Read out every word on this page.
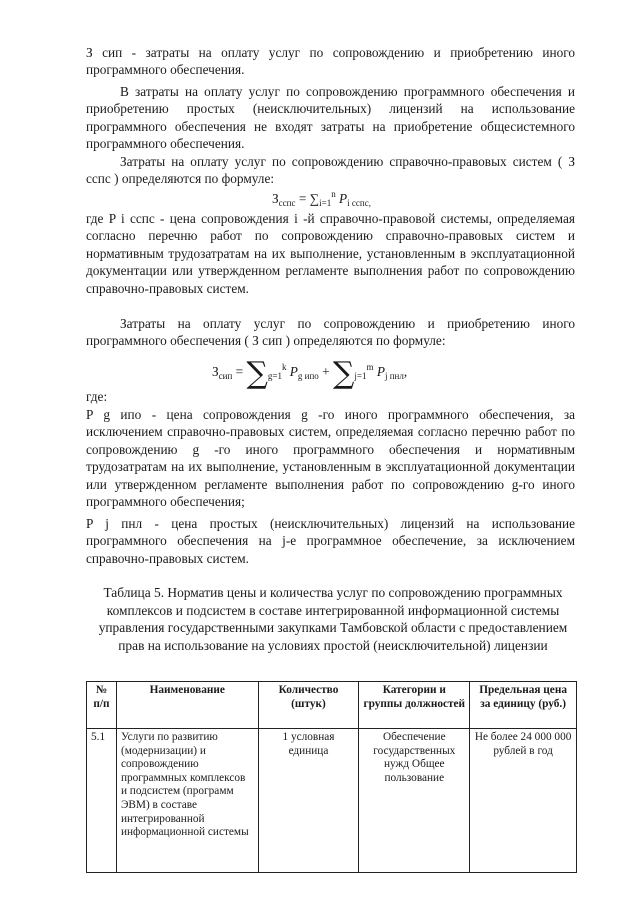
З сип - затраты на оплату услуг по сопровождению и приобретению иного программного обеспечения.
В затраты на оплату услуг по сопровождению программного обеспечения и приобретению простых (неисключительных) лицензий на использование программного обеспечения не входят затраты на приобретение общесистемного программного обеспечения.
Затраты на оплату услуг по сопровождению справочно-правовых систем ( З сспс ) определяются по формуле:
$З_{сспс} = \sum_{i=1}^n$ $P_{i сспс,}$
где P i сспс - цена сопровождения i -й справочно-правовой системы, определяемая согласно перечню работ по сопровождению справочно-правовых систем и нормативным трудозатратам на их выполнение, установленным в эксплуатационной документации или утвержденном регламенте выполнения работ по сопровождению справочно-правовых систем.
Затраты на оплату услуг по сопровождению и приобретению иного программного обеспечения ( З сип ) определяются по формуле:
$З_{сип} = \sum_{g=1}^k$ $P_{g ипо} + \sum_{j=1}^m$ $P_{j пнл}$,
где:
P g ипо - цена сопровождения g -го иного программного обеспечения, за исключением справочно-правовых систем, определяемая согласно перечню работ по сопровождению g -го иного программного обеспечения и нормативным трудозатратам на их выполнение, установленным в эксплуатационной документации или утвержденном регламенте выполнения работ по сопровождению g-го иного программного обеспечения;
P j пнл - цена простых (неисключительных) лицензий на использование программного обеспечения на j-е программное обеспечение, за исключением справочно-правовых систем.
Таблица 5. Норматив цены и количества услуг по сопровождению программных комплексов и подсистем в составе интегрированной информационной системы управления государственными закупками Тамбовской области с предоставлением прав на использование на условиях простой (неисключительной) лицензии
№ п/п	Наименование	Количество (штук)	Категории и группы должностей	Предельная цена за единицу (руб.)
5.1	Услуги по развитию (модернизации) и сопровождению программных комплексов и подсистем (программ ЭВМ) в составе интегрированной информационной системы	1 условная единица	Обеспечение государственных нужд Общее пользование	Не более 24 000 000 рублей в год
